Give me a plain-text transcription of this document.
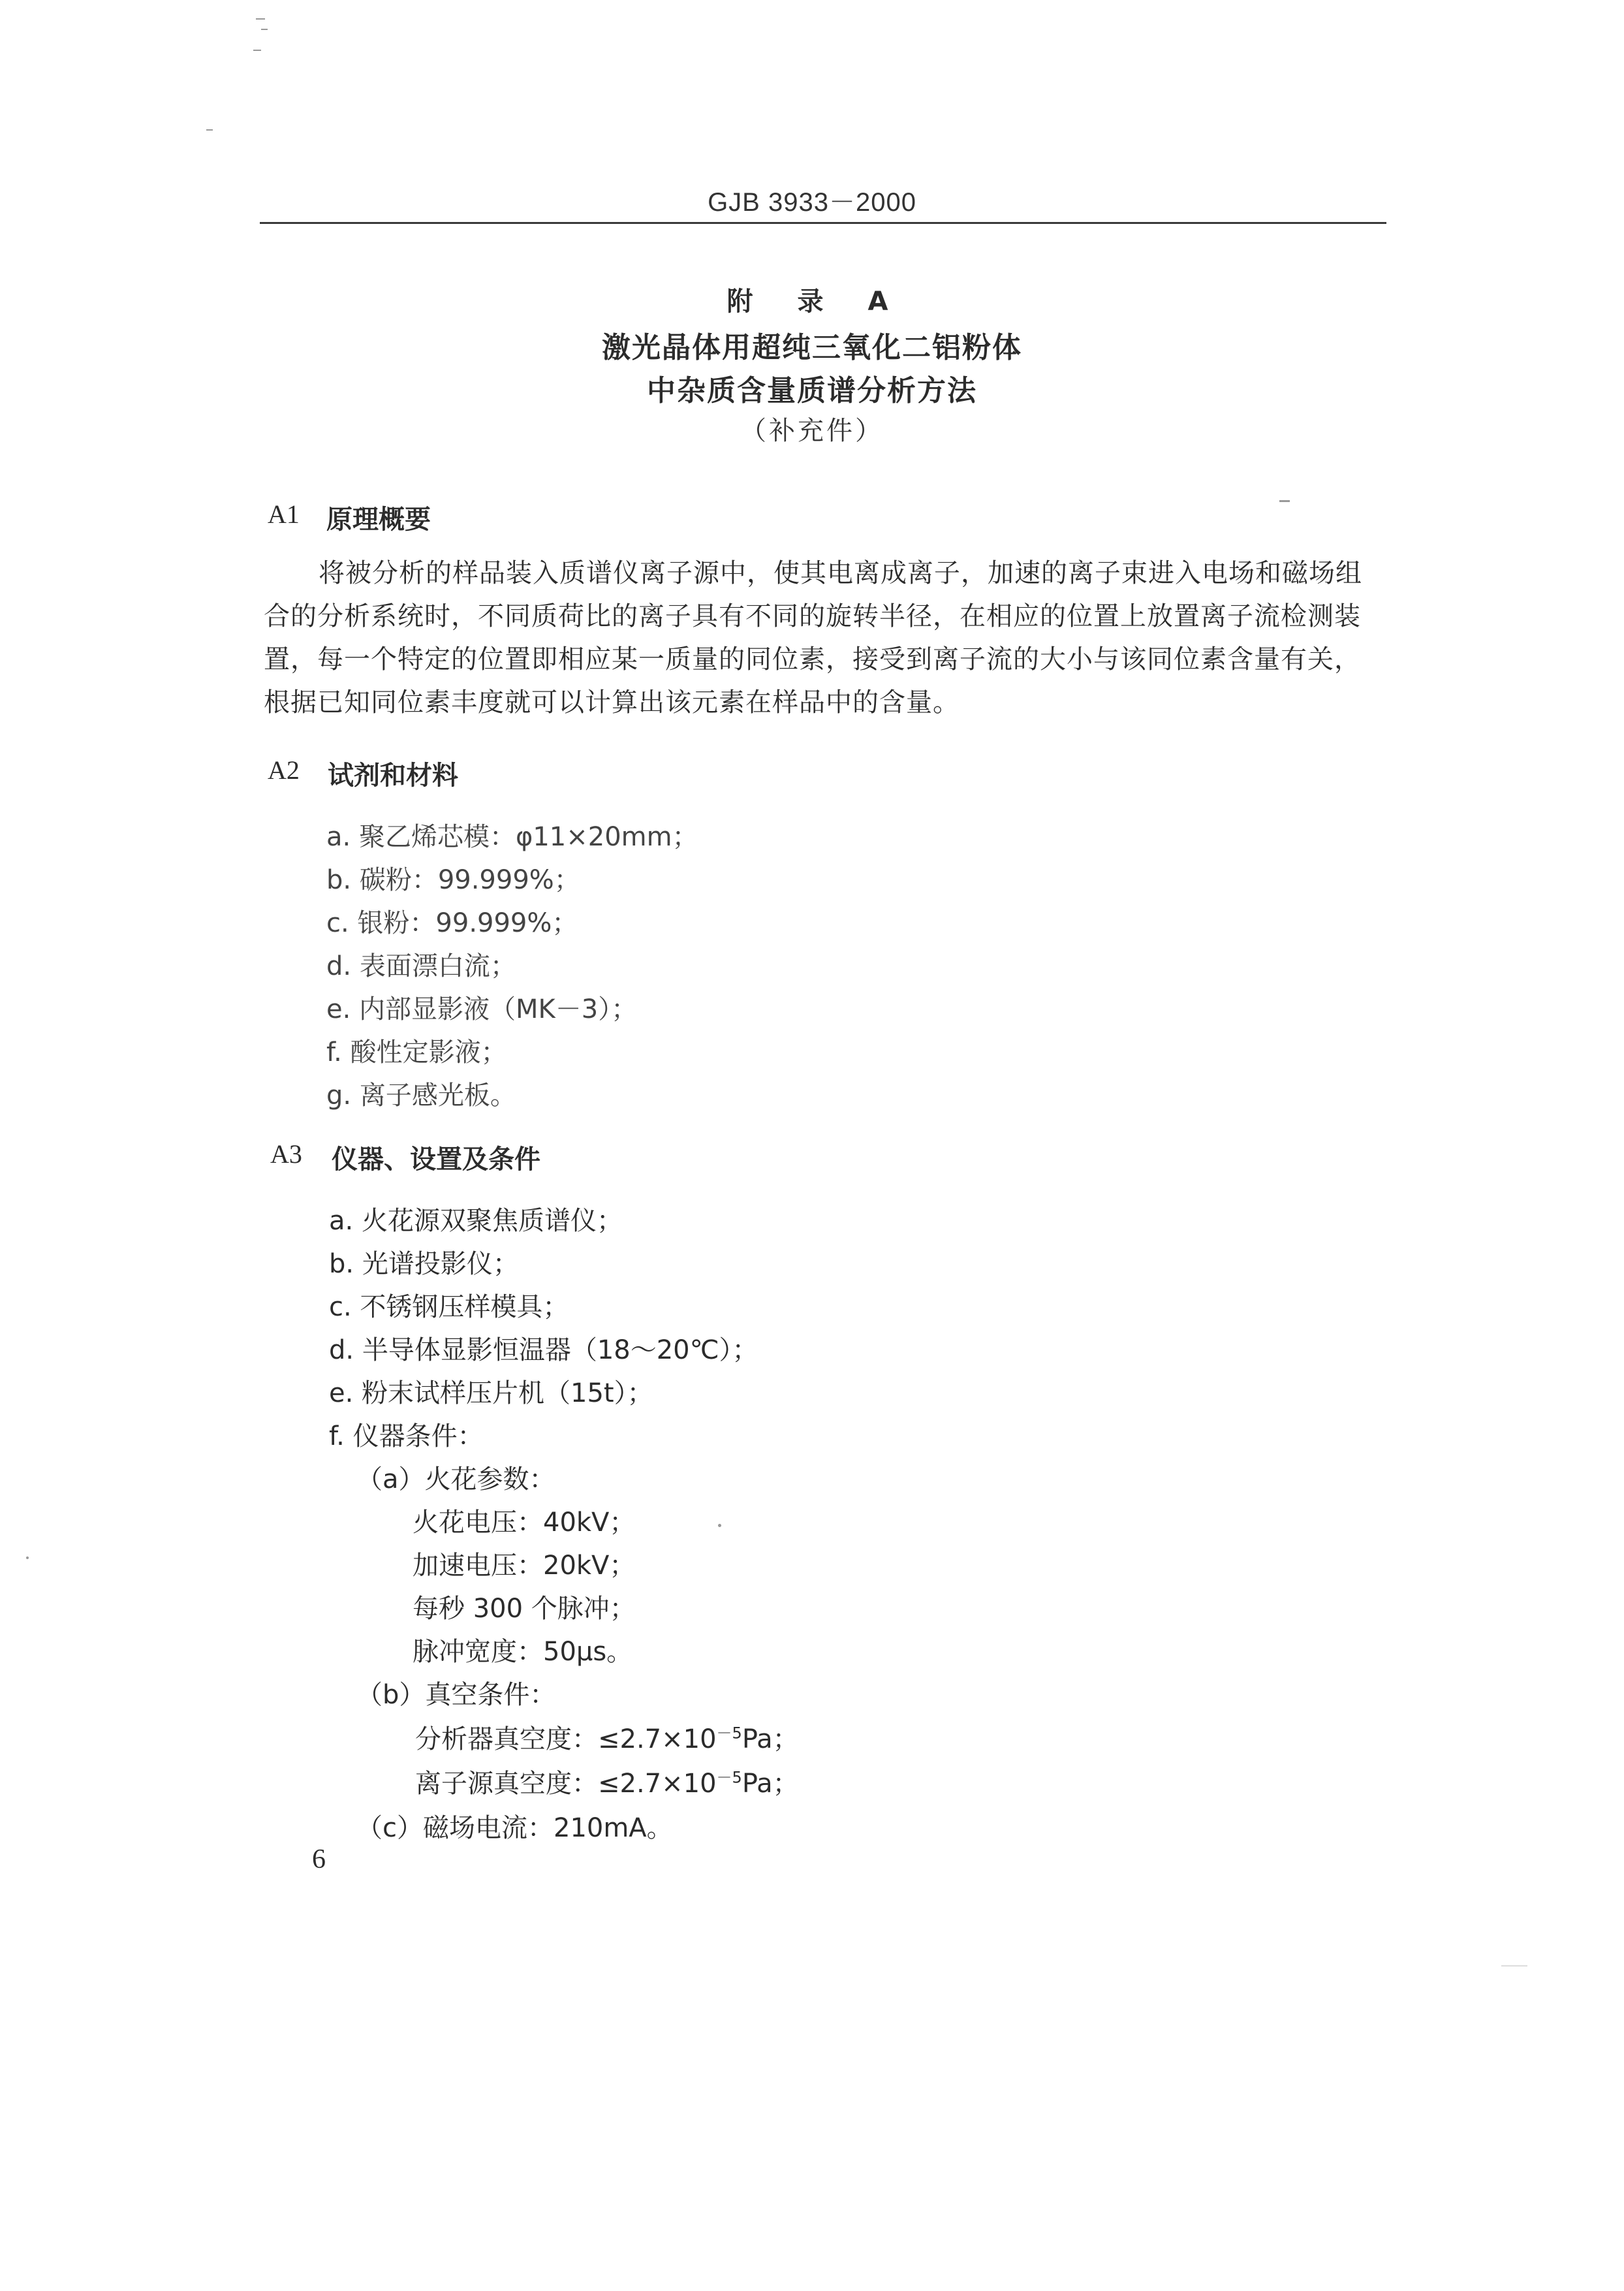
GJB 3933－2000
附　录　A
激光晶体用超纯三氧化二铝粉体
中杂质含量质谱分析方法
（补充件）
A1 原理概要
将被分析的样品装入质谱仪离子源中，使其电离成离子，加速的离子束进入电场和磁场组
合的分析系统时，不同质荷比的离子具有不同的旋转半径，在相应的位置上放置离子流检测装
置，每一个特定的位置即相应某一质量的同位素，接受到离子流的大小与该同位素含量有关，
根据已知同位素丰度就可以计算出该元素在样品中的含量。
A2 试剂和材料
a. 聚乙烯芯模：φ11×20mm；
b. 碳粉：99.999%；
c. 银粉：99.999%；
d. 表面漂白流；
e. 内部显影液（MK－3）；
f. 酸性定影液；
g. 离子感光板。
A3 仪器、设置及条件
a. 火花源双聚焦质谱仪；
b. 光谱投影仪；
c. 不锈钢压样模具；
d. 半导体显影恒温器（18～20℃）；
e. 粉末试样压片机（15t）；
f. 仪器条件：
（a）火花参数：
火花电压：40kV；
加速电压：20kV；
每秒 300 个脉冲；
脉冲宽度：50μs。
（b）真空条件：
分析器真空度：$\le 2.7\times 10^{-5}Pa$；
离子源真空度：$\le 2.7\times 10^{-5}Pa$；
（c）磁场电流：210mA。
6
